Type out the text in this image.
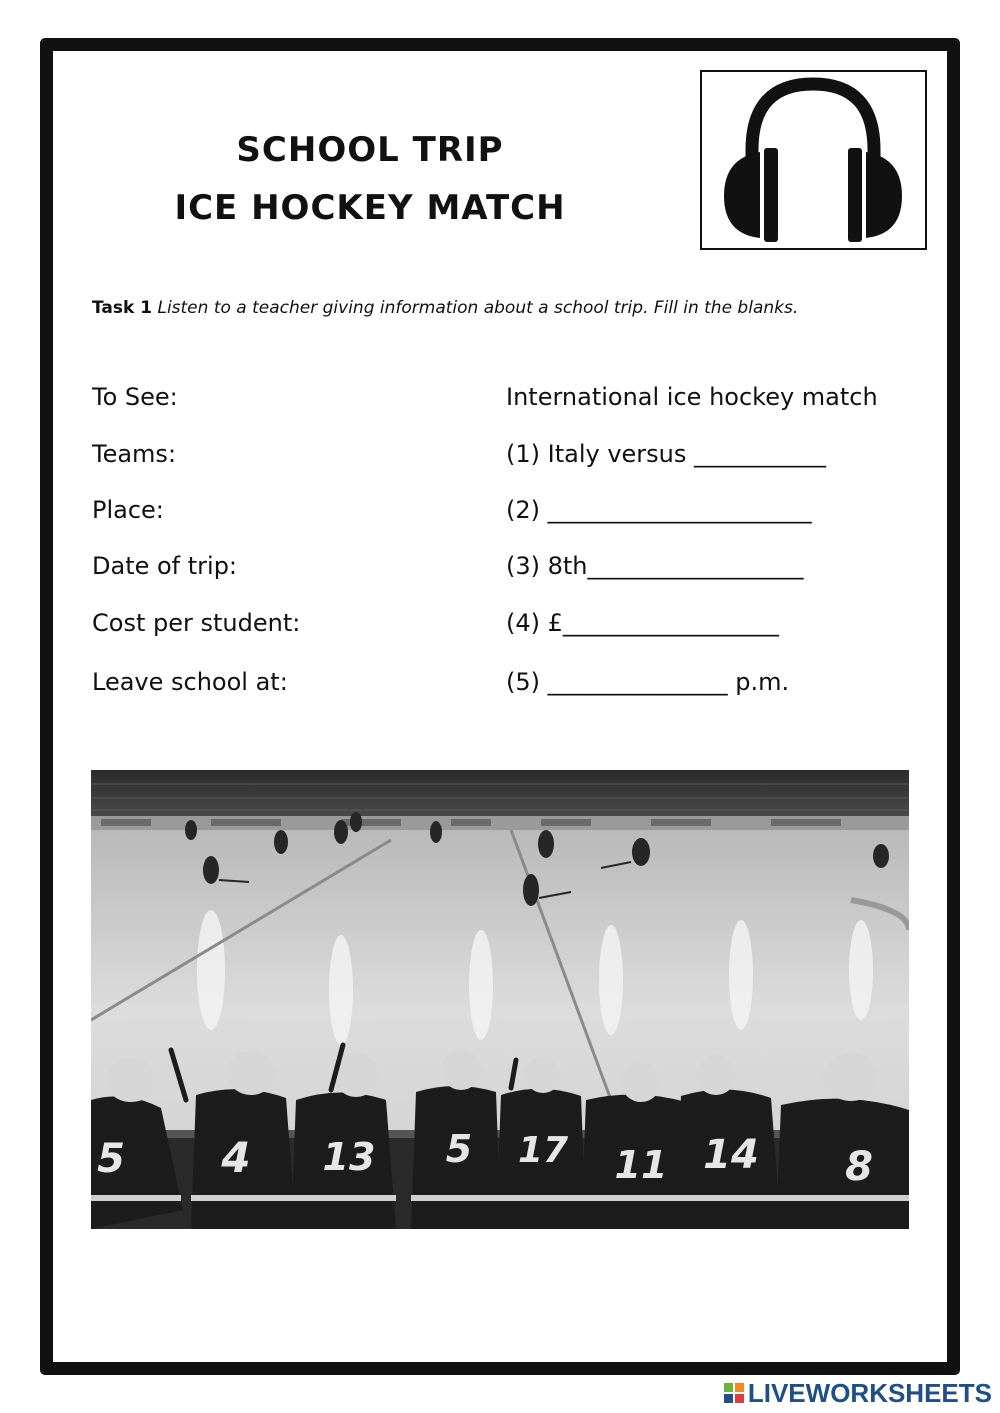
SCHOOL TRIP
ICE HOCKEY MATCH
Task 1 Listen to a teacher giving information about a school trip. Fill in the blanks.
To See:	International ice hockey match
Teams:	(1) Italy versus ___________
Place:	(2) ______________________
Date of trip:	(3) 8th__________________
Cost per student:	(4) £__________________
Leave school at:	(5) _______________ p.m.
5 4 13 5 17 11 14 8
LIVEWORKSHEETS
